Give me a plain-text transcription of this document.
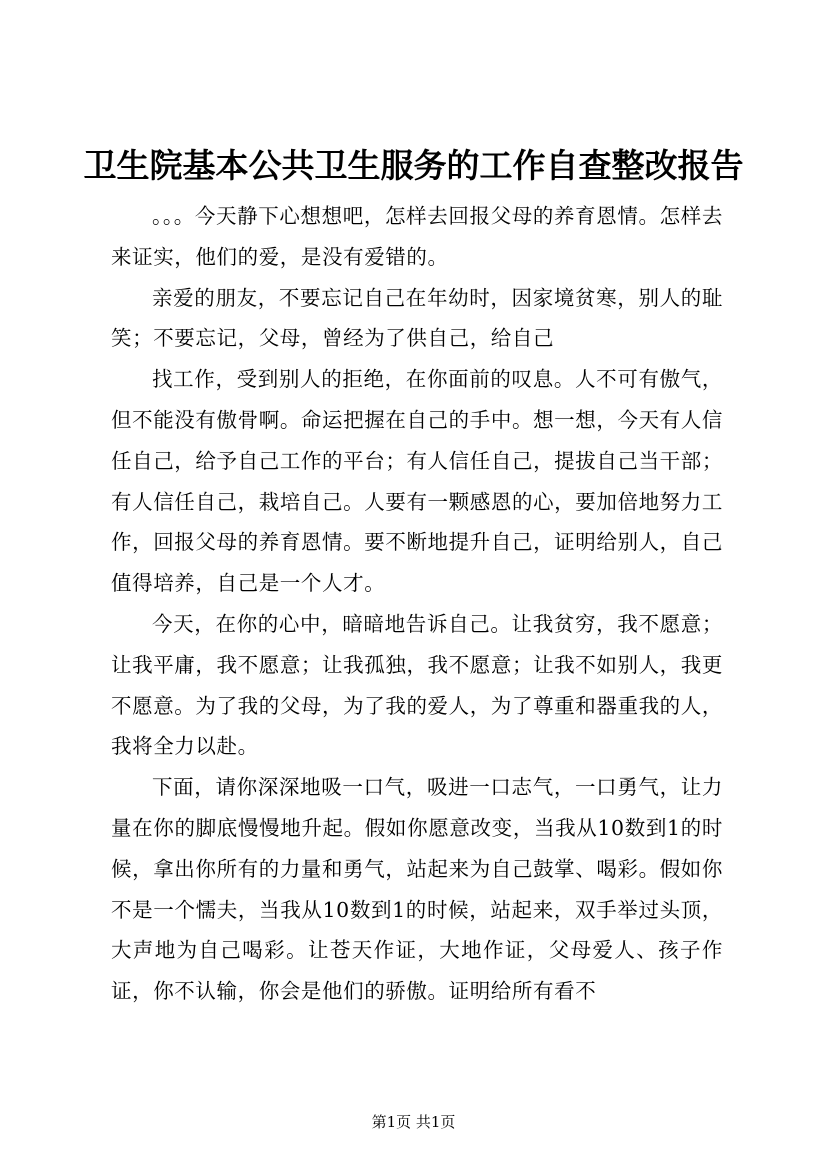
卫生院基本公共卫生服务的工作自查整改报告

。。。今天静下心想想吧，怎样去回报父母的养育恩情。怎样去来证实，他们的爱，是没有爱错的。

亲爱的朋友，不要忘记自己在年幼时，因家境贫寒，别人的耻笑；不要忘记，父母，曾经为了供自己，给自己

找工作，受到别人的拒绝，在你面前的叹息。人不可有傲气，但不能没有傲骨啊。命运把握在自己的手中。想一想，今天有人信任自己，给予自己工作的平台；有人信任自己，提拔自己当干部；有人信任自己，栽培自己。人要有一颗感恩的心，要加倍地努力工作，回报父母的养育恩情。要不断地提升自己，证明给别人，自己值得培养，自己是一个人才。

今天，在你的心中，暗暗地告诉自己。让我贫穷，我不愿意；让我平庸，我不愿意；让我孤独，我不愿意；让我不如别人，我更不愿意。为了我的父母，为了我的爱人，为了尊重和器重我的人，我将全力以赴。

下面，请你深深地吸一口气，吸进一口志气，一口勇气，让力量在你的脚底慢慢地升起。假如你愿意改变，当我从10数到1的时候，拿出你所有的力量和勇气，站起来为自己鼓掌、喝彩。假如你不是一个懦夫，当我从10数到1的时候，站起来，双手举过头顶，大声地为自己喝彩。让苍天作证，大地作证，父母爱人、孩子作证，你不认输，你会是他们的骄傲。证明给所有看不

第1页 共1页
